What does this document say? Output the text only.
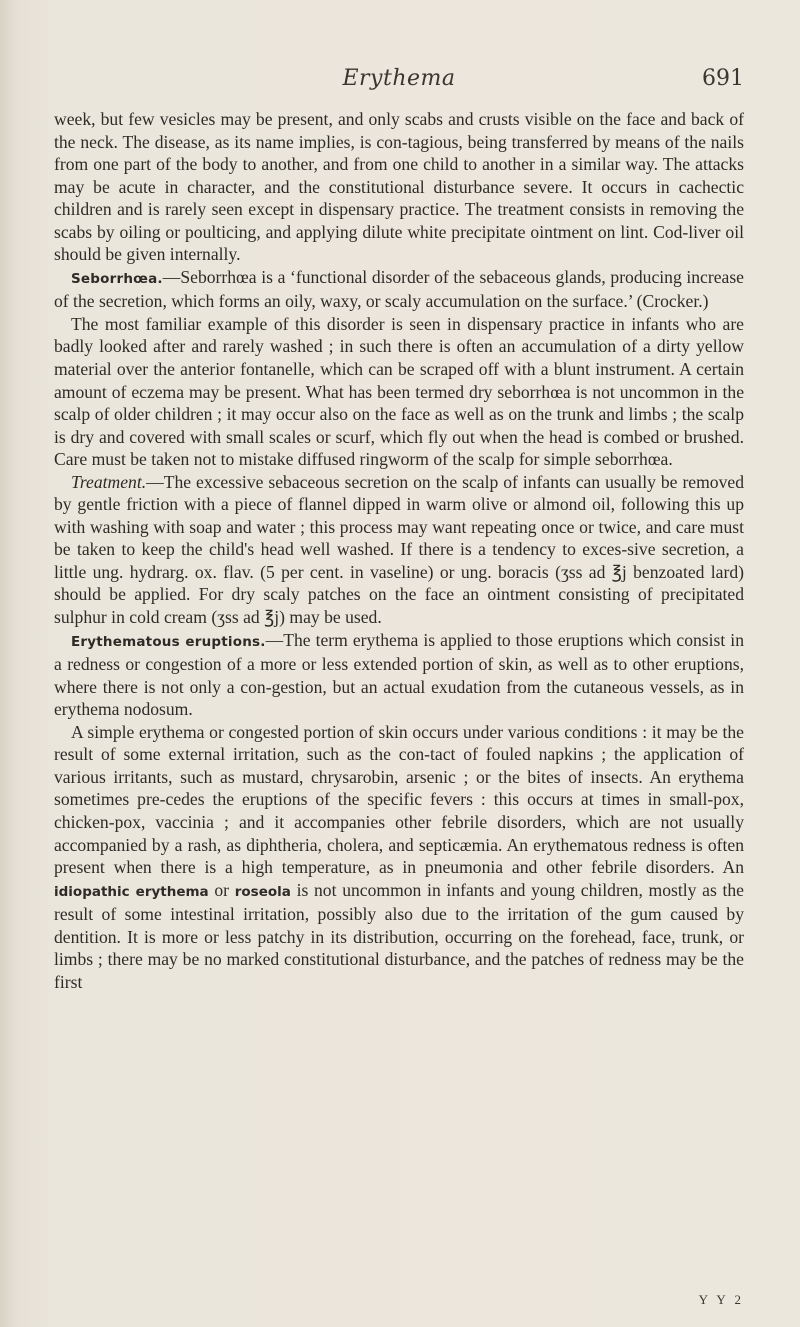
Erythema	691

week, but few vesicles may be present, and only scabs and crusts visible on the face and back of the neck. The disease, as its name implies, is con-tagious, being transferred by means of the nails from one part of the body to another, and from one child to another in a similar way. The attacks may be acute in character, and the constitutional disturbance severe. It occurs in cachectic children and is rarely seen except in dispensary practice. The treatment consists in removing the scabs by oiling or poulticing, and applying dilute white precipitate ointment on lint. Cod-liver oil should be given internally.

Seborrhœa.—Seborrhœa is a ‘functional disorder of the sebaceous glands, producing increase of the secretion, which forms an oily, waxy, or scaly accumulation on the surface.’ (Crocker.)

The most familiar example of this disorder is seen in dispensary practice in infants who are badly looked after and rarely washed ; in such there is often an accumulation of a dirty yellow material over the anterior fontanelle, which can be scraped off with a blunt instrument. A certain amount of eczema may be present. What has been termed dry seborrhœa is not uncommon in the scalp of older children ; it may occur also on the face as well as on the trunk and limbs ; the scalp is dry and covered with small scales or scurf, which fly out when the head is combed or brushed. Care must be taken not to mistake diffused ringworm of the scalp for simple seborrhœa.

Treatment.—The excessive sebaceous secretion on the scalp of infants can usually be removed by gentle friction with a piece of flannel dipped in warm olive or almond oil, following this up with washing with soap and water ; this process may want repeating once or twice, and care must be taken to keep the child's head well washed. If there is a tendency to exces-sive secretion, a little ung. hydrarg. ox. flav. (5 per cent. in vaseline) or ung. boracis (ʒss ad ℥j benzoated lard) should be applied. For dry scaly patches on the face an ointment consisting of precipitated sulphur in cold cream (ʒss ad ℥j) may be used.

Erythematous eruptions.—The term erythema is applied to those eruptions which consist in a redness or congestion of a more or less extended portion of skin, as well as to other eruptions, where there is not only a con-gestion, but an actual exudation from the cutaneous vessels, as in erythema nodosum.

A simple erythema or congested portion of skin occurs under various conditions : it may be the result of some external irritation, such as the con-tact of fouled napkins ; the application of various irritants, such as mustard, chrysarobin, arsenic ; or the bites of insects. An erythema sometimes pre-cedes the eruptions of the specific fevers : this occurs at times in small-pox, chicken-pox, vaccinia ; and it accompanies other febrile disorders, which are not usually accompanied by a rash, as diphtheria, cholera, and septicæmia. An erythematous redness is often present when there is a high temperature, as in pneumonia and other febrile disorders. An idiopathic erythema or roseola is not uncommon in infants and young children, mostly as the result of some intestinal irritation, possibly also due to the irritation of the gum caused by dentition. It is more or less patchy in its distribution, occurring on the forehead, face, trunk, or limbs ; there may be no marked constitutional disturbance, and the patches of redness may be the first

Y Y 2
